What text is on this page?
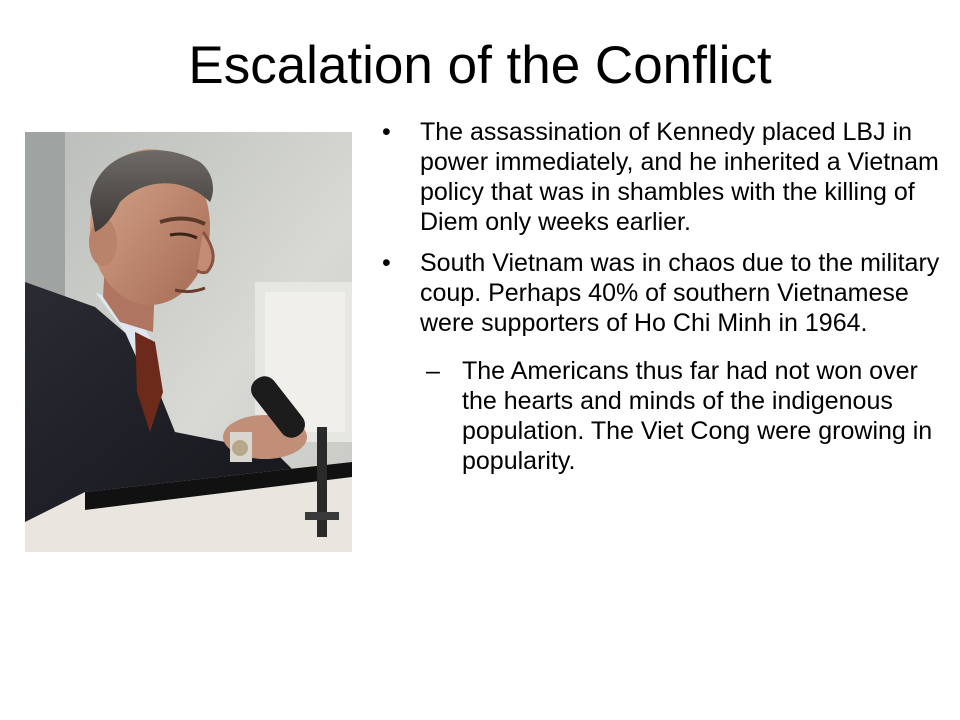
Escalation of the Conflict
• The assassination of Kennedy placed LBJ in power immediately, and he inherited a Vietnam policy that was in shambles with the killing of Diem only weeks earlier.
• South Vietnam was in chaos due to the military coup. Perhaps 40% of southern Vietnamese were supporters of Ho Chi Minh in 1964.
– The Americans thus far had not won over the hearts and minds of the indigenous population. The Viet Cong were growing in popularity.
